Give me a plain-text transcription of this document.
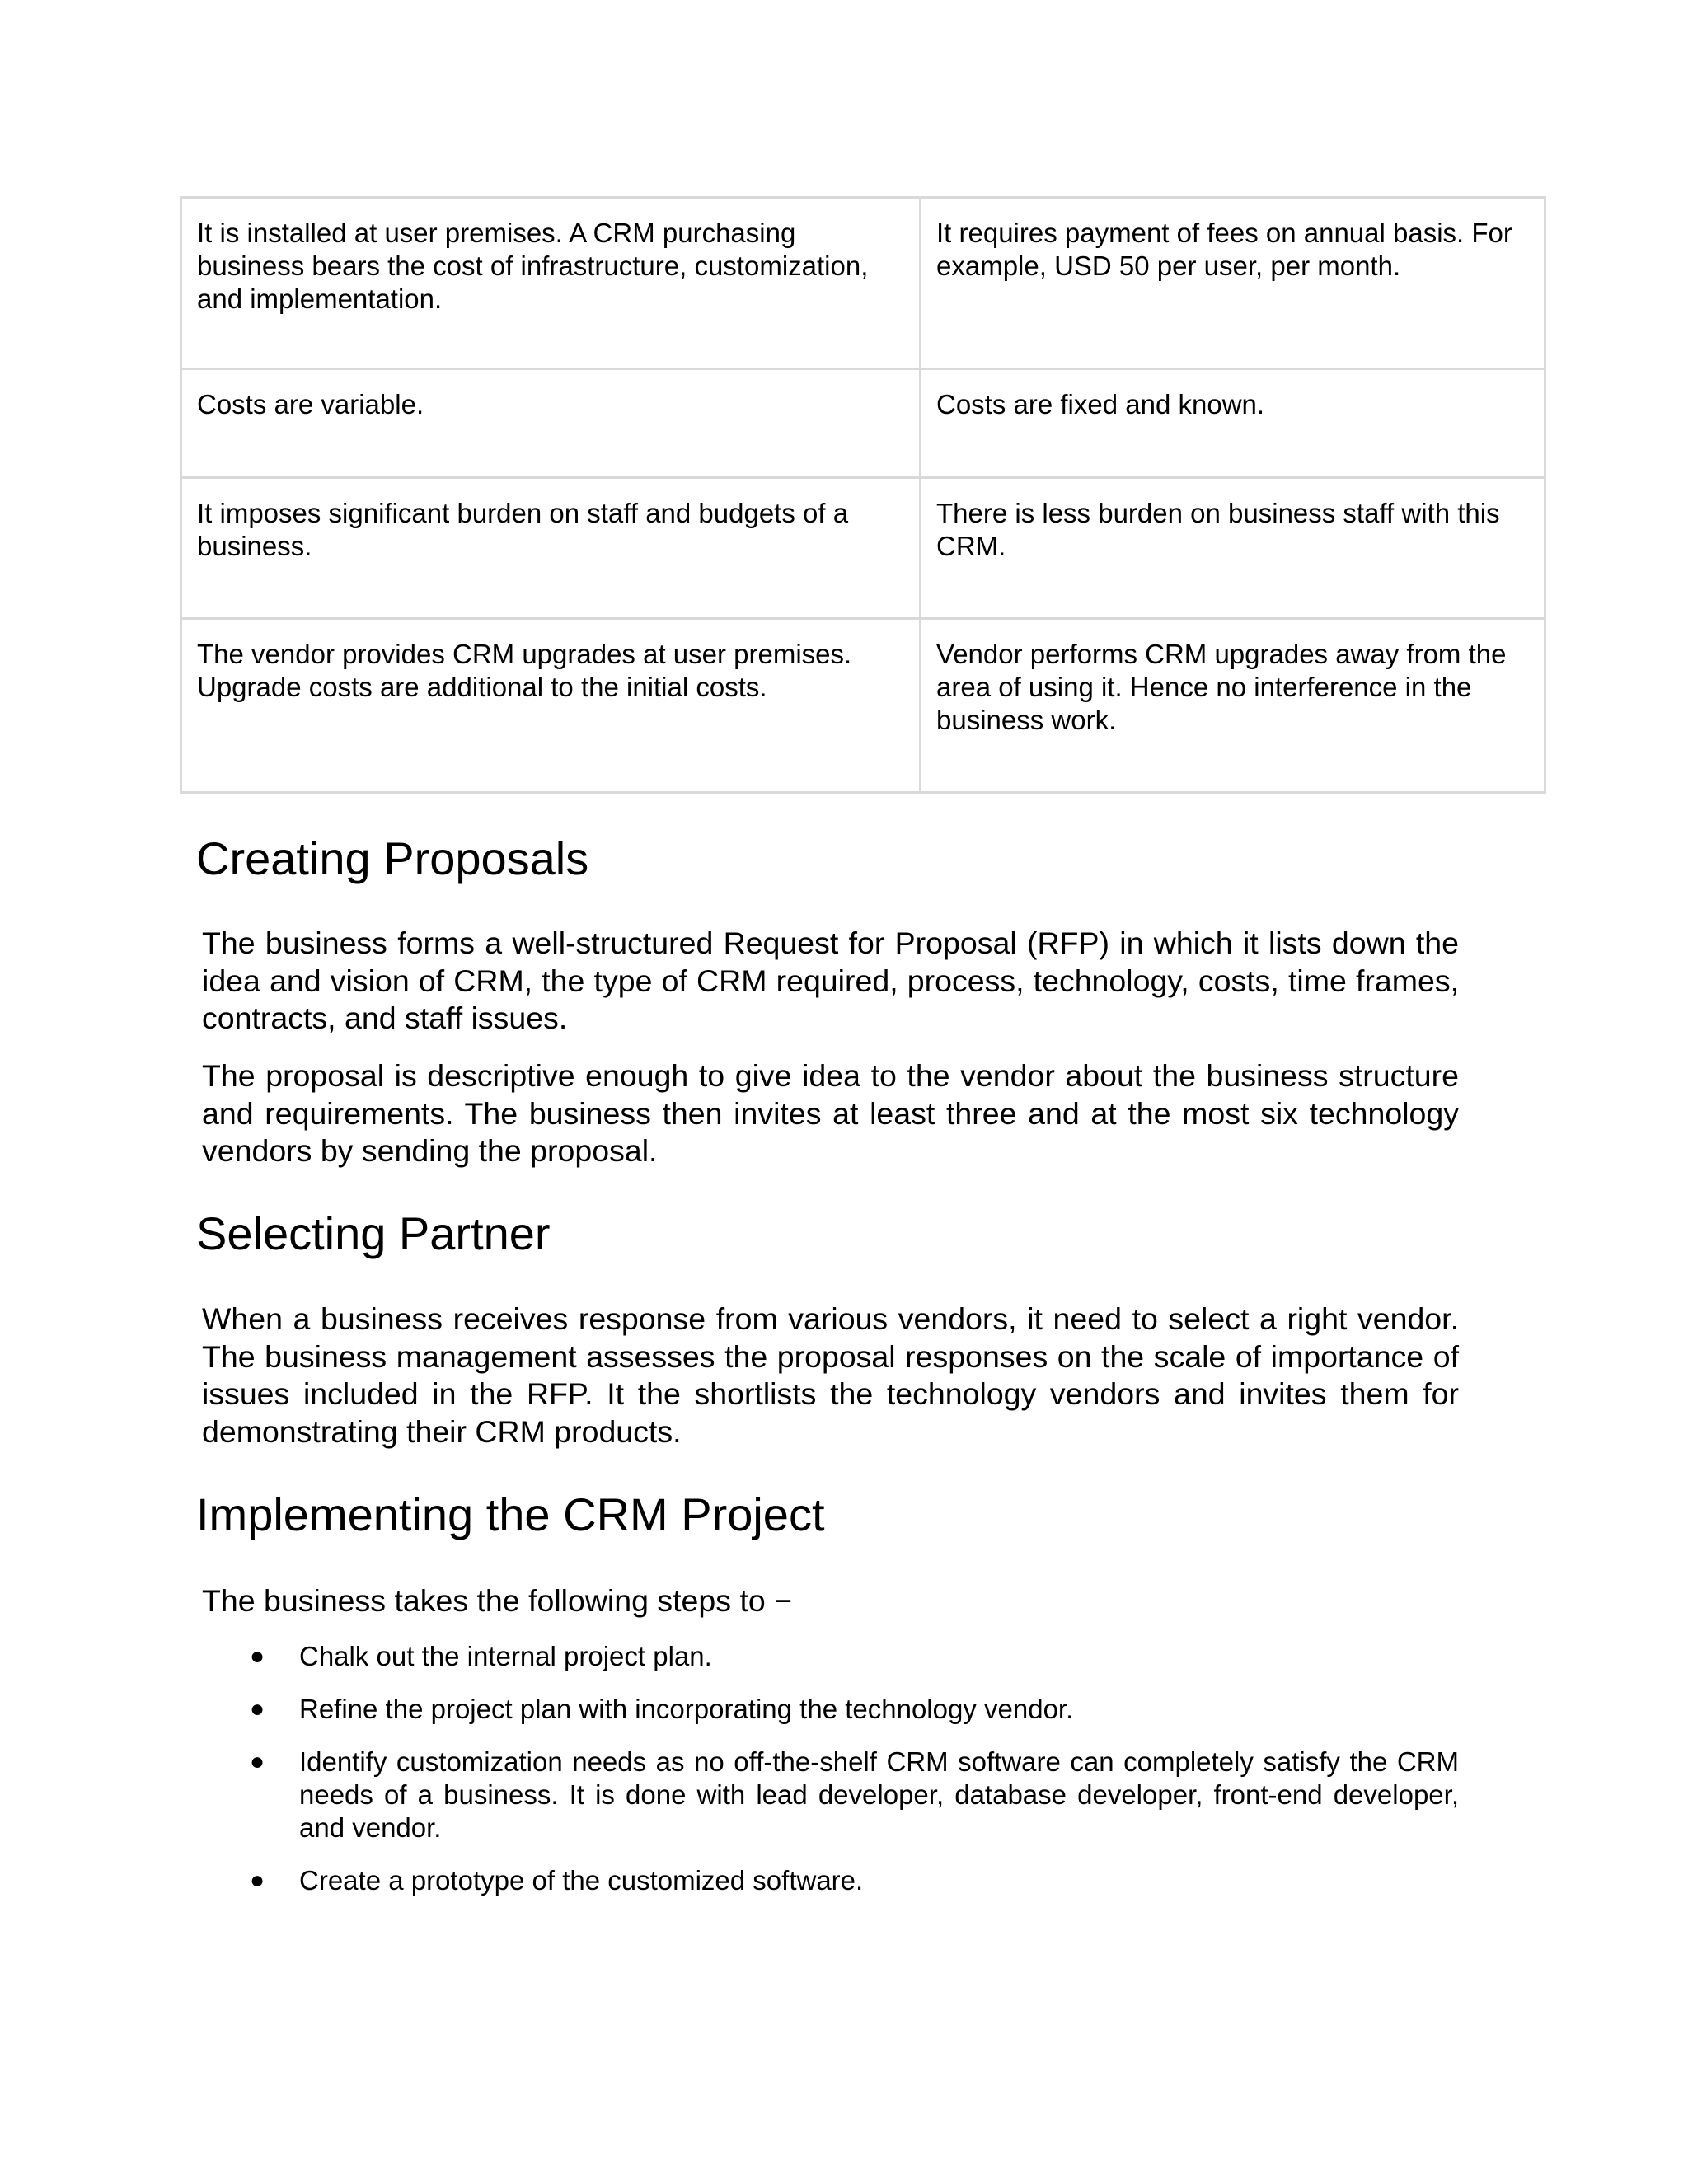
It is installed at user premises. A CRM purchasing business bears the cost of infrastructure, customization, and implementation.	It requires payment of fees on annual basis. For example, USD 50 per user, per month.
Costs are variable.	Costs are fixed and known.
It imposes significant burden on staff and budgets of a business.	There is less burden on business staff with this CRM.
The vendor provides CRM upgrades at user premises. Upgrade costs are additional to the initial costs.	Vendor performs CRM upgrades away from the area of using it. Hence no interference in the business work.
Creating Proposals

The business forms a well-structured Request for Proposal (RFP) in which it lists down the idea and vision of CRM, the type of CRM required, process, technology, costs, time frames, contracts, and staff issues.

The proposal is descriptive enough to give idea to the vendor about the business structure and requirements. The business then invites at least three and at the most six technology vendors by sending the proposal.

Selecting Partner

When a business receives response from various vendors, it need to select a right vendor. The business management assesses the proposal responses on the scale of importance of issues included in the RFP. It the shortlists the technology vendors and invites them for demonstrating their CRM products.

Implementing the CRM Project

The business takes the following steps to −

● Chalk out the internal project plan.
● Refine the project plan with incorporating the technology vendor.
● Identify customization needs as no off-the-shelf CRM software can completely satisfy the CRM needs of a business. It is done with lead developer, database developer, front-end developer, and vendor.
● Create a prototype of the customized software.
